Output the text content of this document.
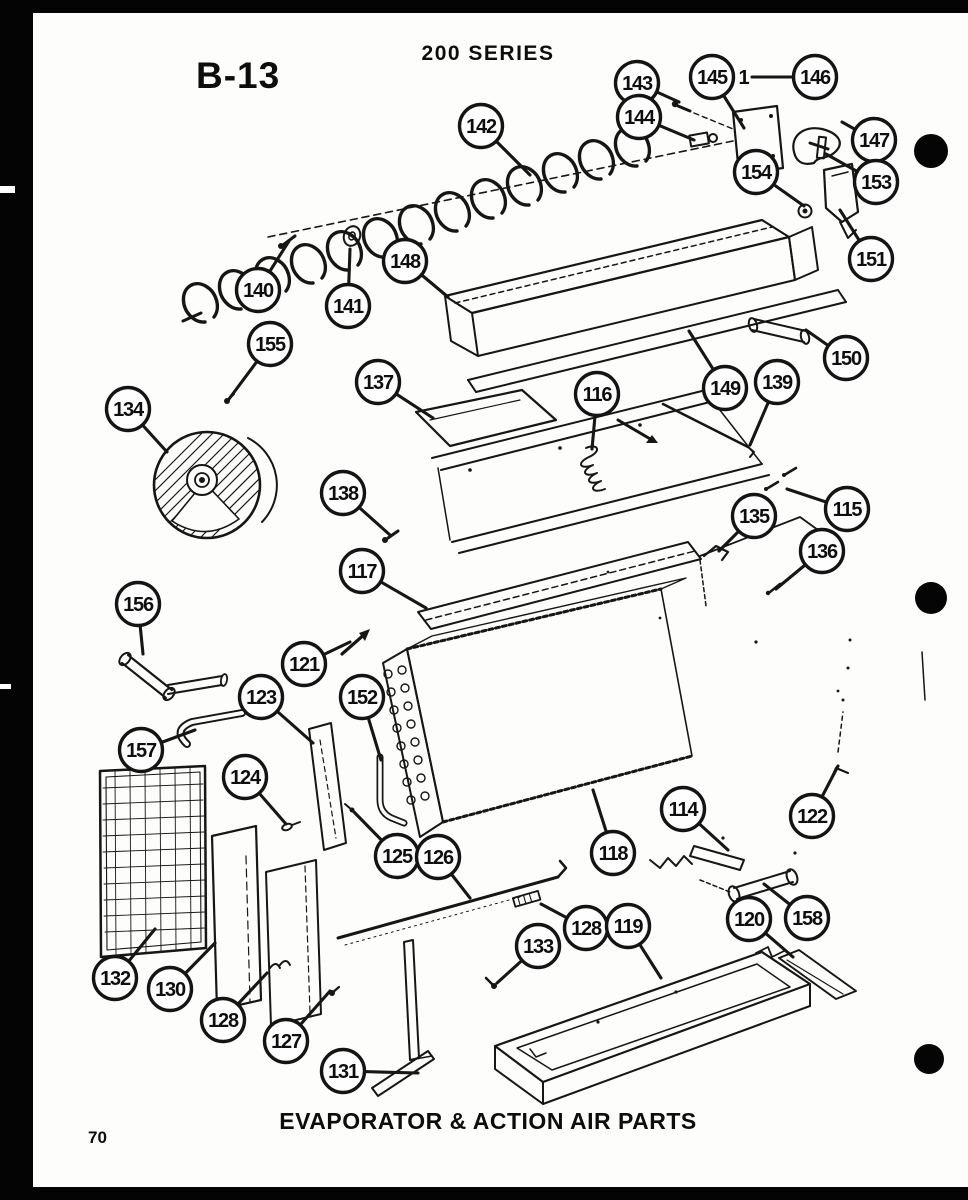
142
143
144
145	146
147
153
154
151
140
141
148
150
155
137
116
139
149
134
138
115
135
136
117
156
121
123	152
157
124
114	122
125 126	118
128 119	120 158
133
132 130
128
127
131
1
B-13
200 SERIES
EVAPORATOR & ACTION AIR PARTS
70
